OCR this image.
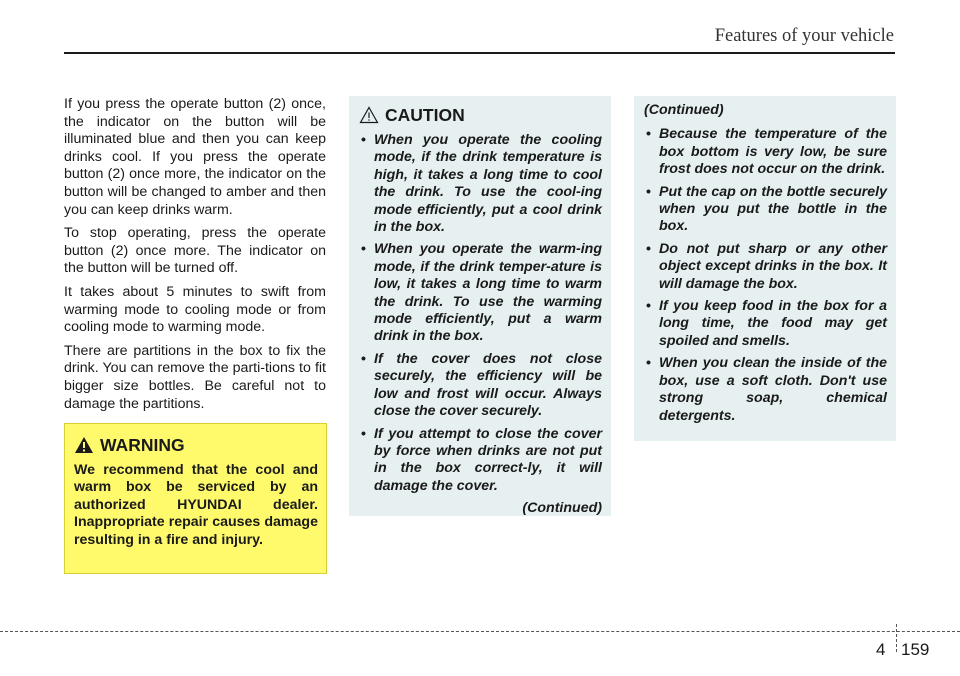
Features of your vehicle

If you press the operate button (2) once, the indicator on the button will be illuminated blue and then you can keep drinks cool. If you press the operate button (2) once more, the indicator on the button will be changed to amber and then you can keep drinks warm.

To stop operating, press the operate button (2) once more. The indicator on the button will be turned off.

It takes about 5 minutes to swift from warming mode to cooling mode or from cooling mode to warming mode.

There are partitions in the box to fix the drink. You can remove the parti-tions to fit bigger size bottles. Be careful not to damage the partitions.

WARNING

We recommend that the cool and warm box be serviced by an authorized HYUNDAI dealer. Inappropriate repair causes damage resulting in a fire and injury.

CAUTION
• When you operate the cooling mode, if the drink temperature is high, it takes a long time to cool the drink. To use the cool-ing mode efficiently, put a cool drink in the box.
• When you operate the warm-ing mode, if the drink temper-ature is low, it takes a long time to warm the drink. To use the warming mode efficiently, put a warm drink in the box.
• If the cover does not close securely, the efficiency will be low and frost will occur. Always close the cover securely.
• If you attempt to close the cover by force when drinks are not put in the box correct-ly, it will damage the cover.

(Continued)

(Continued)

• Because the temperature of the box bottom is very low, be sure frost does not occur on the drink.
• Put the cap on the bottle securely when you put the bottle in the box.
• Do not put sharp or any other object except drinks in the box. It will damage the box.
• If you keep food in the box for a long time, the food may get spoiled and smells.
• When you clean the inside of the box, use a soft cloth. Don't use strong soap, chemical detergents.
4 159
